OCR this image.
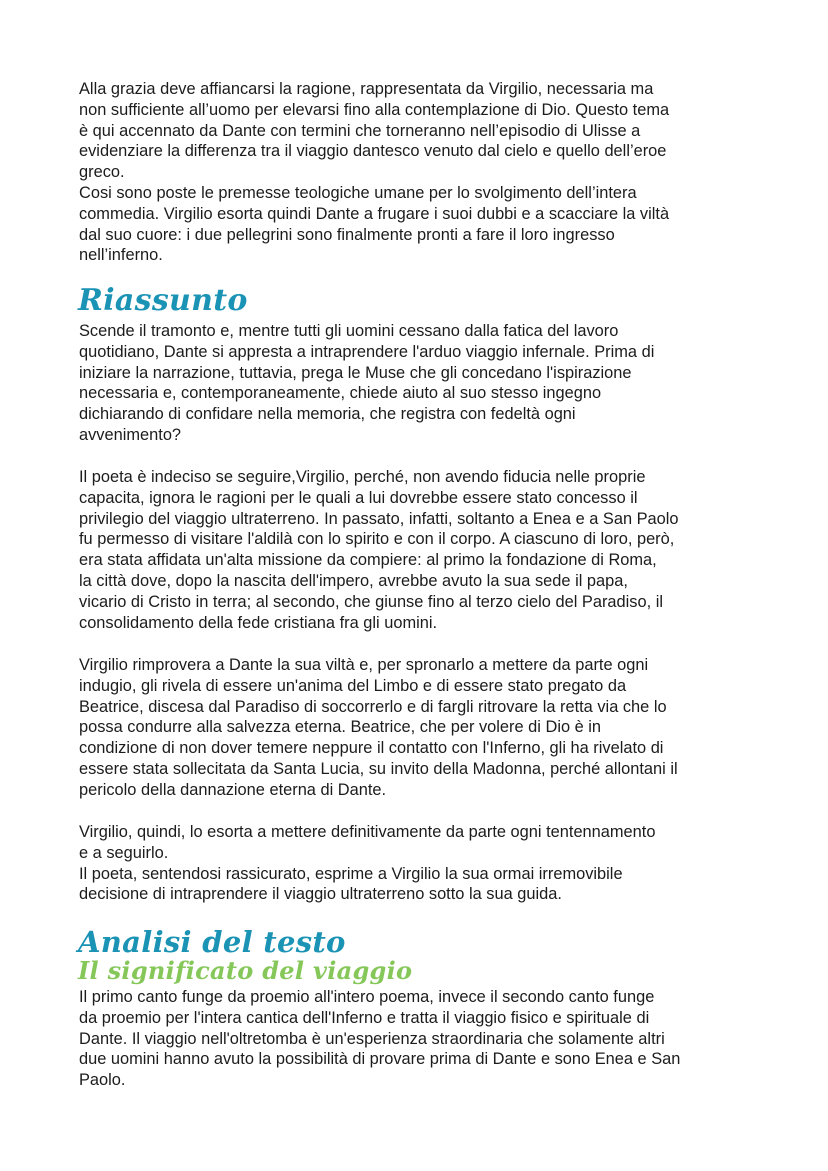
Alla grazia deve affiancarsi la ragione, rappresentata da Virgilio, necessaria ma

non sufficiente all’uomo per elevarsi fino alla contemplazione di Dio. Questo tema

è qui accennato da Dante con termini che torneranno nell’episodio di Ulisse a

evidenziare la differenza tra il viaggio dantesco venuto dal cielo e quello dell’eroe

greco.

Cosi sono poste le premesse teologiche umane per lo svolgimento dell’intera

commedia. Virgilio esorta quindi Dante a frugare i suoi dubbi e a scacciare la viltà

dal suo cuore: i due pellegrini sono finalmente pronti a fare il loro ingresso

nell’inferno.

Riassunto

Scende il tramonto e, mentre tutti gli uomini cessano dalla fatica del lavoro

quotidiano, Dante si appresta a intraprendere l'arduo viaggio infernale. Prima di

iniziare la narrazione, tuttavia, prega le Muse che gli concedano l'ispirazione

necessaria e, contemporaneamente, chiede aiuto al suo stesso ingegno

dichiarando di confidare nella memoria, che registra con fedeltà ogni

avvenimento?

Il poeta è indeciso se seguire,Virgilio, perché, non avendo fiducia nelle proprie

capacita, ignora le ragioni per le quali a lui dovrebbe essere stato concesso il

privilegio del viaggio ultraterreno. In passato, infatti, soltanto a Enea e a San Paolo

fu permesso di visitare l'aldilà con lo spirito e con il corpo. A ciascuno di loro, però,

era stata affidata un'alta missione da compiere: al primo la fondazione di Roma,

la città dove, dopo la nascita dell'impero, avrebbe avuto la sua sede il papa,

vicario di Cristo in terra; al secondo, che giunse fino al terzo cielo del Paradiso, il

consolidamento della fede cristiana fra gli uomini.

Virgilio rimprovera a Dante la sua viltà e, per spronarlo a mettere da parte ogni

indugio, gli rivela di essere un'anima del Limbo e di essere stato pregato da

Beatrice, discesa dal Paradiso di soccorrerlo e di fargli ritrovare la retta via che lo

possa condurre alla salvezza eterna. Beatrice, che per volere di Dio è in

condizione di non dover temere neppure il contatto con l'Inferno, gli ha rivelato di

essere stata sollecitata da Santa Lucia, su invito della Madonna, perché allontani il

pericolo della dannazione eterna di Dante.

Virgilio, quindi, lo esorta a mettere definitivamente da parte ogni tentennamento

e a seguirlo.

Il poeta, sentendosi rassicurato, esprime a Virgilio la sua ormai irremovibile

decisione di intraprendere il viaggio ultraterreno sotto la sua guida.

Analisi del testo
Il significato del viaggio

Il primo canto funge da proemio all'intero poema, invece il secondo canto funge

da proemio per l'intera cantica dell'Inferno e tratta il viaggio fisico e spirituale di

Dante. Il viaggio nell'oltretomba è un'esperienza straordinaria che solamente altri

due uomini hanno avuto la possibilità di provare prima di Dante e sono Enea e San

Paolo.
